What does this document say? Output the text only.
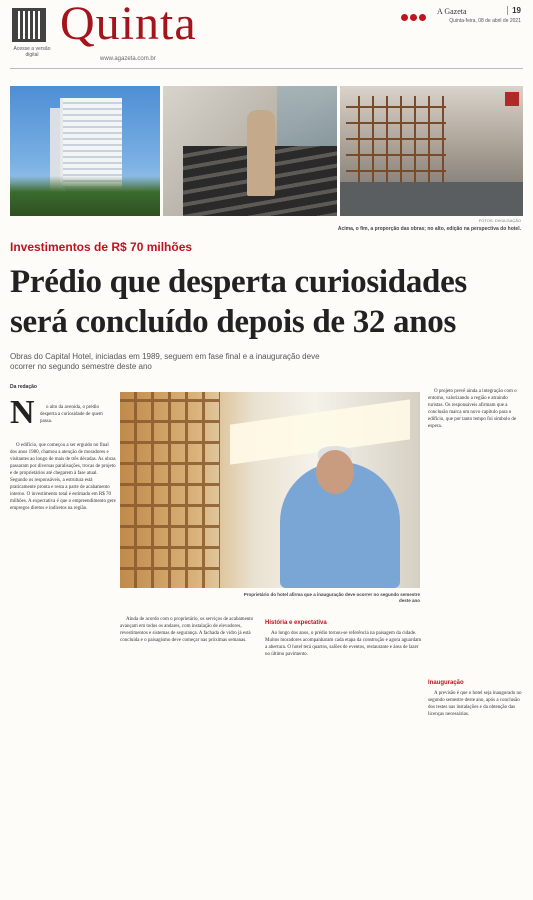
Acesse a versão digital
Quinta
www.agazeta.com.br
A Gazeta	19
Quinta-feira, 08 de abril de 2021
FOTOS: DIVULGAÇÃO
Acima, o fim, a proporção das obras; no alto, edição na perspectiva do hotel.
Investimentos de R$ 70 milhões
Prédio que desperta curiosidades será concluído depois de 32 anos
Obras do Capital Hotel, iniciadas em 1989, seguem em fase final e a inauguração deve ocorrer no segundo semestre deste ano
Da redação
N	o alto da avenida, o prédio desperta a curiosidade de quem passa.

O edifício, que começou a ser erguido no final dos anos 1980, chamou a atenção de moradores e visitantes ao longo de mais de três décadas. As obras passaram por diversas paralisações, trocas de projeto e de proprietários até chegarem à fase atual. Segundo os responsáveis, a estrutura está praticamente pronta e resta a parte de acabamento interno. O investimento total é estimado em R$ 70 milhões. A expectativa é que o empreendimento gere empregos diretos e indiretos na região.

Proprietário do hotel afirma que a inauguração deve ocorrer no segundo semestre deste ano

Ainda de acordo com o proprietário, os serviços de acabamento avançam em todos os andares, com instalação de elevadores, revestimentos e sistemas de segurança. A fachada de vidro já está concluída e o paisagismo deve começar nas próximas semanas.

História e expectativa

Ao longo dos anos, o prédio tornou-se referência na paisagem da cidade. Muitos moradores acompanharam cada etapa da construção e agora aguardam a abertura. O hotel terá quartos, salões de eventos, restaurante e área de lazer no último pavimento.

O projeto prevê ainda a integração com o entorno, valorizando a região e atraindo turistas. Os responsáveis afirmam que a conclusão marca um novo capítulo para o edifício, que por tanto tempo foi símbolo de espera.

Inauguração

A previsão é que o hotel seja inaugurado no segundo semestre deste ano, após a conclusão dos testes nas instalações e da obtenção das licenças necessárias.
